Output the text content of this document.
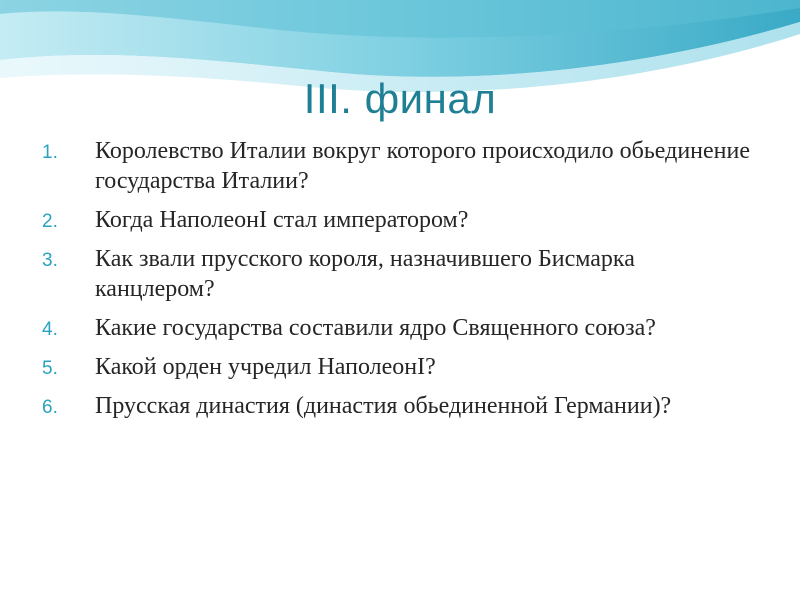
III. финал
1. Королевство Италии вокруг которого происходило обьединение государства Италии?
2. Когда НаполеонI стал императором?
3. Как звали прусского короля, назначившего Бисмарка канцлером?
4. Какие государства составили ядро Священного союза?
5. Какой орден учредил НаполеонI?
6. Прусская династия (династия обьединенной Германии)?
